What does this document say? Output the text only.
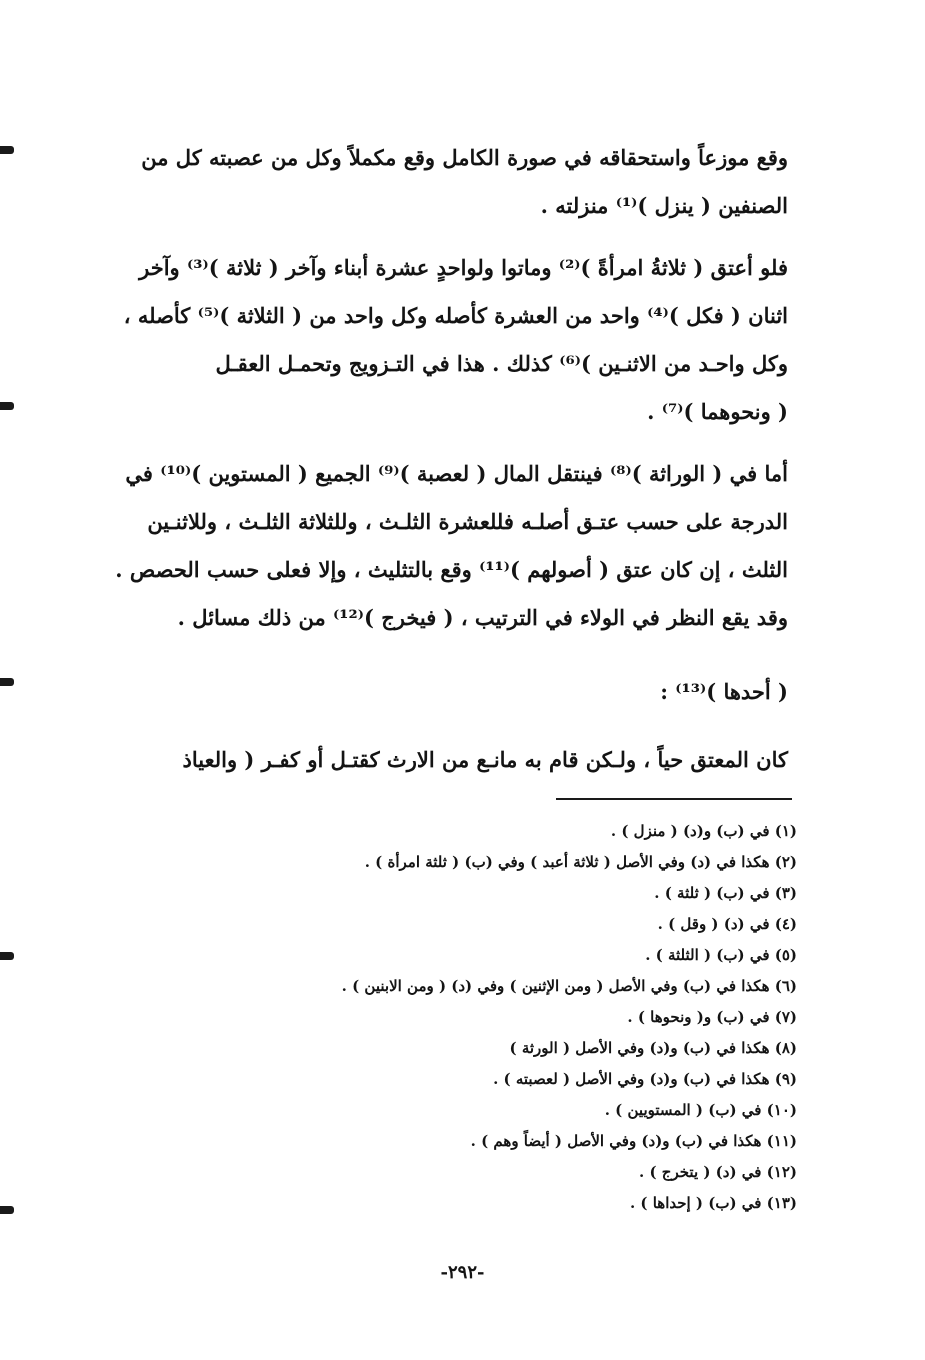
وقع موزعاً واستحقاقه في صورة الكامل وقع مكملاً وكل من عصبته كل من

الصنفين ( ينزل )⁽¹⁾ منزلته .

فلو أعتق ( ثلاثةُ امرأةً )⁽²⁾ وماتوا ولواحدٍ عشرة أبناء وآخر ( ثلاثة )⁽³⁾ وآخر

اثنان ( فكل )⁽⁴⁾ واحد من العشرة كأصله وكل واحد من ( الثلاثة )⁽⁵⁾ كأصله ،

وكل واحـد من الاثنـين )⁽⁶⁾ كذلك . هذا في التـزويج وتحمـل العقـل

( ونحوهما )⁽⁷⁾ .

أما في ( الوراثة )⁽⁸⁾ فينتقل المال ( لعصبة )⁽⁹⁾ الجميع ( المستوين )⁽¹⁰⁾ في

الدرجة على حسب عتـق أصلـه فللعشرة الثلـث ، وللثلاثة الثلـث ، وللاثنـين

الثلث ، إن كان عتق ( أصولهم )⁽¹¹⁾ وقع بالتثليث ، وإلا فعلى حسب الحصص .

وقد يقع النظر في الولاء في الترتيب ، ( فيخرج )⁽¹²⁾ من ذلك مسائل .

( أحدها )⁽¹³⁾ :

كان المعتق حياً ، ولـكن قام به مانـع من الارث كقتـل أو كفـر ( والعياذ

(١) في (ب) و(د) ( منزل ) .
(٢) هكذا في (د) وفي الأصل ( ثلاثة أعبد ) وفي (ب) ( ثلثة امرأة ) .
(٣) في (ب) ( ثلثة ) .
(٤) في (د) ( وقل ) .
(٥) في (ب) ( الثلثة ) .
(٦) هكذا في (ب) وفي الأصل ( ومن الإثنين ) وفي (د) ( ومن الابنين ) .
(٧) في (ب) و( ونحوها ) .
(٨) هكذا في (ب) و(د) وفي الأصل ( الورثة )
(٩) هكذا في (ب) و(د) وفي الأصل ( لعصبته ) .
(١٠) في (ب) ( المستويين ) .
(١١) هكذا في (ب) و(د) وفي الأصل ( أيضاً وهم ) .
(١٢) في (د) ( يتخرج ) .
(١٣) في (ب) ( إحداها ) .
-٢٩٢-
